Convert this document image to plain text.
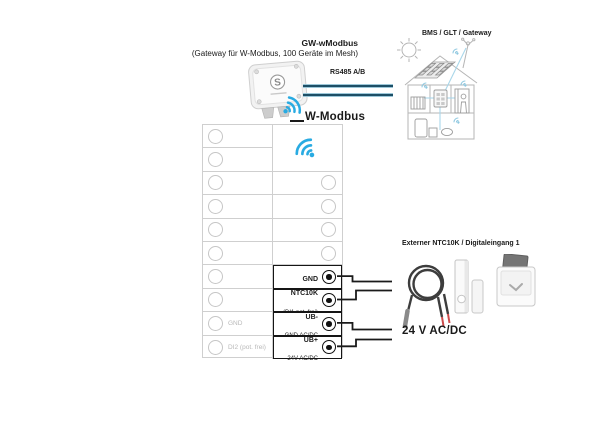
GW-wModbus
(Gateway für W-Modbus, 100 Geräte im Mesh)
S
W-Modbus
RS485 A/B
BMS / GLT / Gateway
GND
DI2 (pot. frei)
GND

NTC10K

UB-

UB+
24V AC/DC
Externer NTC10K / Digitaleingang 1
24 V AC/DC
